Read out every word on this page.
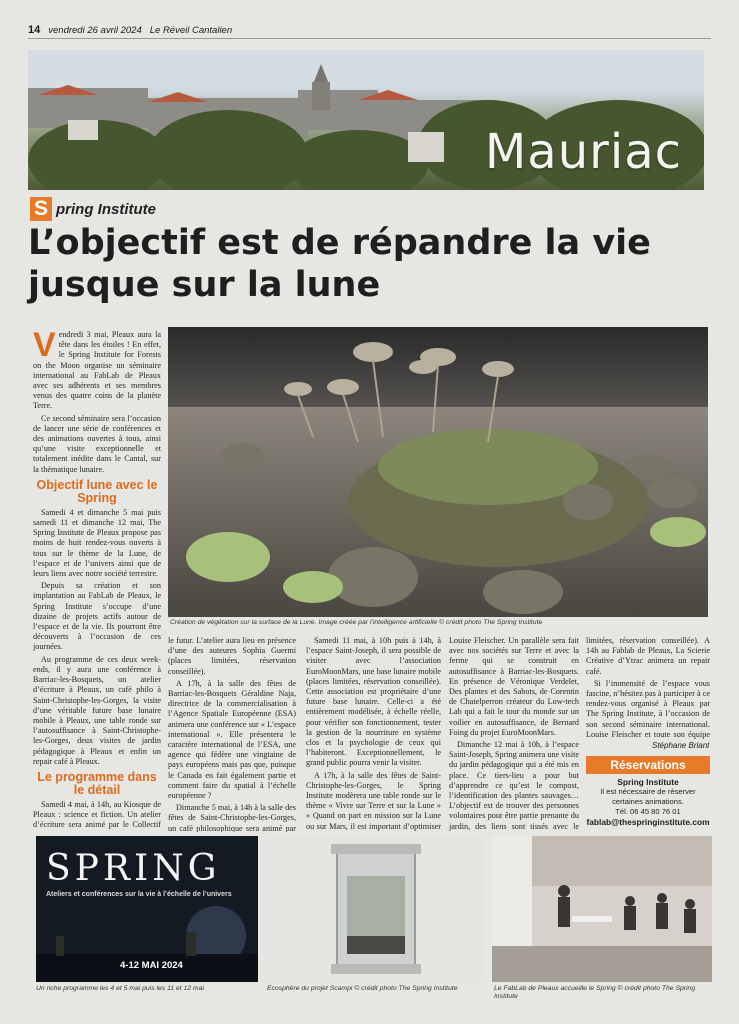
14 vendredi 26 avril 2024 Le Réveil Cantalien
Mauriac
S pring Institute
L’objectif est de répandre la vie jusque sur la lune

Vendredi 3 mai, Pleaux aura la tête dans les étoiles ! En effet, le Spring Institute for Forests on the Moon organise un séminaire international au FabLab de Pleaux avec ses adhérents et ses membres venus des quatre coins de la planète Terre.

Ce second séminaire sera l’occasion de lancer une série de conférences et des animations ouvertes à tous, ainsi qu’une visite exceptionnelle et totalement inédite dans le Cantal, sur la thématique lunaire.

Objectif lune avec le Spring

Samedi 4 et dimanche 5 mai puis samedi 11 et dimanche 12 mai, The Spring Institute de Pleaux propose pas moins de huit rendez-vous ouverts à tous sur le thème de la Lune, de l’espace et de l’univers ainsi que de leurs liens avec notre société terrestre.

Depuis sa création et son implantation au FabLab de Pleaux, le Spring Institute s’occupe d’une dizaine de projets actifs autour de l’espace et de la vie. Ils pourront être découverts à l’occasion de ces journées.

Au programme de ces deux week-ends, il y aura une conférence à Barriac-les-Bosquets, un atelier d’écriture à Pleaux, un café philo à Saint-Christophe-les-Gorges, la visite d’une véritable future base lunaire mobile à Pleaux, une table ronde sur l’autosuffisance à Saint-Christophe-les-Gorges, deux visites de jardin pédagogique à Pleaux et enfin un repair café à Pleaux.

Le programme dans le détail

Samedi 4 mai, à 14h, au Kiosque de Pleaux : science et fiction. Un atelier d’écriture sera animé par le Collectif

Création de végétation sur la surface de la Lune. Image créée par l’intelligence artificielle © crédit photo The Spring Institute

le futur. L’atelier aura lieu en présence d’une des auteures Sophia Guermi (places limitées, réservation conseillée).

A 17h, à la salle des fêtes de Barriac-les-Bosquets Géraldine Naja, directrice de la commercialisation à l’Agence Spatiale Européenne (ESA) animera une conférence sur « L’espace international ». Elle présentera le caractère international de l’ESA, une agence qui fédère une vingtaine de pays européens mais pas que, puisque le Canada en fait également partie et comment faire du spatial à l’échelle européenne ?

Dimanche 5 mai, à 14h à la salle des fêtes de Saint-Christophe-les-Gorges, un café philosophique sera animé par

Samedi 11 mai, à 10h puis à 14h, à l’espace Saint-Joseph, il sera possible de visiter avec l’association EuroMoonMars, une base lunaire mobile (places limitées, réservation conseillée). Cette association est propriétaire d’une future base lunaire. Celle-ci a été entièrement modélisée, à échelle réelle, pour vérifier son fonctionnement, tester la gestion de la nourriture en système clos et la psychologie de ceux qui l’habiteront. Exceptionnellement, le grand public pourra venir la visiter.

A 17h, à la salle des fêtes de Saint-Christophe-les-Gorges, le Spring Institute modèrera une table ronde sur le thème « Vivre sur Terre et sur la Lune » « Quand on part en mission sur la Lune ou sur Mars, il est important d’optimiser

Louise Fleischer. Un parallèle sera fait avec nos sociétés sur Terre et avec la ferme qui se construit en autosuffisance à Barriac-les-Bosquets. En présence de Véronique Verdelet, Des plantes et des Sabots, de Corentin de Chatelperron créateur du Low-tech Lab qui a fait le tour du monde sur un voilier en autosuffisance, de Bernard Foing du projet EuroMoonMars.

Dimanche 12 mai à 10h, à l’espace Saint-Joseph, Spring animera une visite du jardin pédagogique qui a été mis en place. Ce tiers-lieu a pour but d’apprendre ce qu’est le compost, l’identification des plantes sauvages… L’objectif est de trouver des personnes volontaires pour être partie prenante du jardin, des liens sont tissés avec le

limitées, réservation conseillée). A 14h au Fablab de Pleaux, La Scierie Créative d’Ytrac animera un repair café.

Si l’immensité de l’espace vous fascine, n’hésitez pas à participer à ce rendez-vous organisé à Pleaux par The Spring Institute, à l’occasion de son second séminaire international. Louise Fleischer et toute son équipe

Stéphane Briant
Réservations
Spring Institute
Il est nécessaire de réserver certaines animations.
Tél. 06 45 80 76 01

fablab@thespringinstitute.com
SPRING
Ateliers et conférences sur la vie à l’échelle de l’univers
4-12 MAI 2024
Un riche programme les 4 et 5 mai puis les 11 et 12 mai	Ecosphère du projet Scampi © crédit photo The Spring Institute	Le FabLab de Pleaux accueille le Spring © crédit photo The Spring Institute
